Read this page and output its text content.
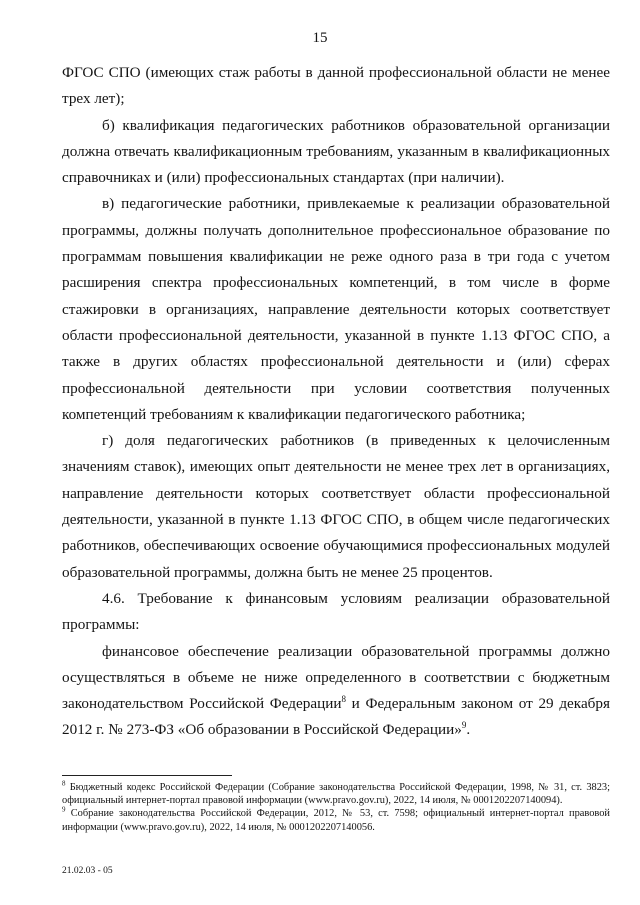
15

ФГОС СПО (имеющих стаж работы в данной профессиональной области не менее трех лет);

б) квалификация педагогических работников образовательной организации должна отвечать квалификационным требованиям, указанным в квалификационных справочниках и (или) профессиональных стандартах (при наличии).

в) педагогические работники, привлекаемые к реализации образовательной программы, должны получать дополнительное профессиональное образование по программам повышения квалификации не реже одного раза в три года с учетом расширения спектра профессиональных компетенций, в том числе в форме стажировки в организациях, направление деятельности которых соответствует области профессиональной деятельности, указанной в пункте 1.13 ФГОС СПО, а также в других областях профессиональной деятельности и (или) сферах профессиональной деятельности при условии соответствия полученных компетенций требованиям к квалификации педагогического работника;

г) доля педагогических работников (в приведенных к целочисленным значениям ставок), имеющих опыт деятельности не менее трех лет в организациях, направление деятельности которых соответствует области профессиональной деятельности, указанной в пункте 1.13 ФГОС СПО, в общем числе педагогических работников, обеспечивающих освоение обучающимися профессиональных модулей образовательной программы, должна быть не менее 25 процентов.

4.6. Требование к финансовым условиям реализации образовательной программы:

финансовое обеспечение реализации образовательной программы должно осуществляться в объеме не ниже определенного в соответствии с бюджетным законодательством Российской Федерации$^8$ и Федеральным законом от 29 декабря 2012 г. № 273-ФЗ «Об образовании в Российской Федерации»$^9$.

$^8$ Бюджетный кодекс Российской Федерации (Собрание законодательства Российской Федерации, 1998, № 31, ст. 3823; официальный интернет-портал правовой информации (www.pravo.gov.ru), 2022, 14 июля, № 0001202207140094).

$^9$ Собрание законодательства Российской Федерации, 2012, № 53, ст. 7598; официальный интернет-портал правовой информации (www.pravo.gov.ru), 2022, 14 июля, № 0001202207140056.

21.02.03 - 05
